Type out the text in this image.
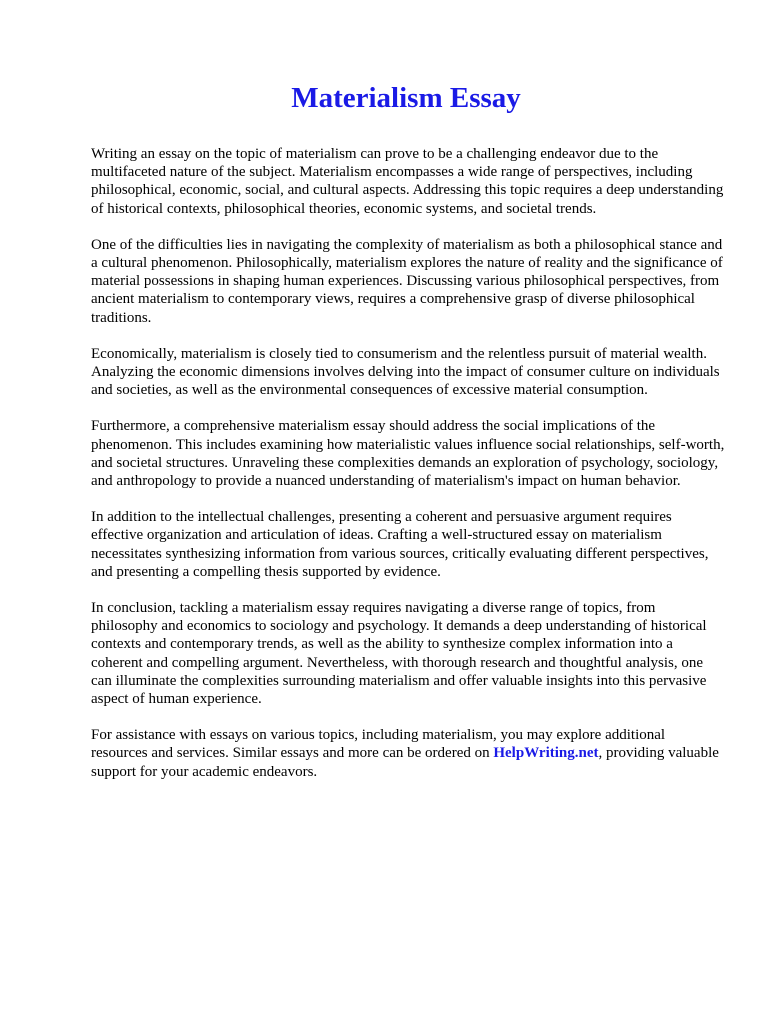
Materialism Essay

Writing an essay on the topic of materialism can prove to be a challenging endeavor due to the multifaceted nature of the subject. Materialism encompasses a wide range of perspectives, including philosophical, economic, social, and cultural aspects. Addressing this topic requires a deep understanding of historical contexts, philosophical theories, economic systems, and societal trends.

One of the difficulties lies in navigating the complexity of materialism as both a philosophical stance and a cultural phenomenon. Philosophically, materialism explores the nature of reality and the significance of material possessions in shaping human experiences. Discussing various philosophical perspectives, from ancient materialism to contemporary views, requires a comprehensive grasp of diverse philosophical traditions.

Economically, materialism is closely tied to consumerism and the relentless pursuit of material wealth. Analyzing the economic dimensions involves delving into the impact of consumer culture on individuals and societies, as well as the environmental consequences of excessive material consumption.

Furthermore, a comprehensive materialism essay should address the social implications of the phenomenon. This includes examining how materialistic values influence social relationships, self-worth, and societal structures. Unraveling these complexities demands an exploration of psychology, sociology, and anthropology to provide a nuanced understanding of materialism's impact on human behavior.

In addition to the intellectual challenges, presenting a coherent and persuasive argument requires effective organization and articulation of ideas. Crafting a well-structured essay on materialism necessitates synthesizing information from various sources, critically evaluating different perspectives, and presenting a compelling thesis supported by evidence.

In conclusion, tackling a materialism essay requires navigating a diverse range of topics, from philosophy and economics to sociology and psychology. It demands a deep understanding of historical contexts and contemporary trends, as well as the ability to synthesize complex information into a coherent and compelling argument. Nevertheless, with thorough research and thoughtful analysis, one can illuminate the complexities surrounding materialism and offer valuable insights into this pervasive aspect of human experience.

For assistance with essays on various topics, including materialism, you may explore additional resources and services. Similar essays and more can be ordered on HelpWriting.net, providing valuable support for your academic endeavors.
